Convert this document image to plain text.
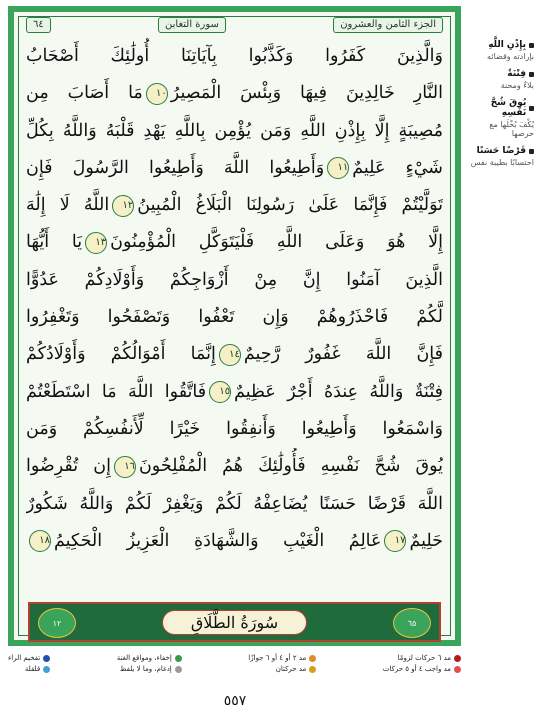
٦٤	سورة التغابن	الجزء الثامن والعشرون
وَالَّذِينَ كَفَرُوا وَكَذَّبُوا بِآيَاتِنَا أُولَٰئِكَ أَصْحَابُ
النَّارِ خَالِدِينَ فِيهَا وَبِئْسَ الْمَصِيرُ١٠مَا أَصَابَ مِن
مُصِيبَةٍ إِلَّا بِإِذْنِ اللَّهِ وَمَن يُؤْمِن بِاللَّهِ يَهْدِ قَلْبَهُ وَاللَّهُ بِكُلِّ
شَيْءٍ عَلِيمٌ١١وَأَطِيعُوا اللَّهَ وَأَطِيعُوا الرَّسُولَ فَإِن
تَوَلَّيْتُمْ فَإِنَّمَا عَلَىٰ رَسُولِنَا الْبَلَاغُ الْمُبِينُ١٢اللَّهُ لَا إِلَٰهَ
إِلَّا هُوَ وَعَلَى اللَّهِ فَلْيَتَوَكَّلِ الْمُؤْمِنُونَ١٣يَا أَيُّهَا
الَّذِينَ آمَنُوا إِنَّ مِنْ أَزْوَاجِكُمْ وَأَوْلَادِكُمْ عَدُوًّا
لَّكُمْ فَاحْذَرُوهُمْ وَإِن تَعْفُوا وَتَصْفَحُوا وَتَغْفِرُوا
فَإِنَّ اللَّهَ غَفُورٌ رَّحِيمٌ١٤إِنَّمَا أَمْوَالُكُمْ وَأَوْلَادُكُمْ
فِتْنَةٌ وَاللَّهُ عِندَهُ أَجْرٌ عَظِيمٌ١٥فَاتَّقُوا اللَّهَ مَا اسْتَطَعْتُمْ
وَاسْمَعُوا وَأَطِيعُوا وَأَنفِقُوا خَيْرًا لِّأَنفُسِكُمْ وَمَن
يُوقَ شُحَّ نَفْسِهِ فَأُولَٰئِكَ هُمُ الْمُفْلِحُونَ١٦إِن تُقْرِضُوا
اللَّهَ قَرْضًا حَسَنًا يُضَاعِفْهُ لَكُمْ وَيَغْفِرْ لَكُمْ وَاللَّهُ شَكُورٌ
حَلِيمٌ١٧عَالِمُ الْغَيْبِ وَالشَّهَادَةِ الْعَزِيزُ الْحَكِيمُ١٨
٦٥
سُورَةُ الطَّلَاقِ
١٢
بِإِذْنِ اللَّهِ
بإرادته وقضائه
فِتْنَةٌ
بلاءٌ ومحنة
يُوقَ شُحَّ نَفْسِهِ
يُكْفَ بُخْلَها مع حرصها
قَرْضًا حَسَنًا
احتسابًا بطيبة نفس
مد ٦ حركات لزومًا
مد واجب ٤ أو ٥ حركات
مد ٢ أو ٤ أو ٦ جوازًا
مد حركتان
إخفاء، ومواقع الغنة
إدغام، وما لا يلفظ
تفخيم الراء
قلقلة
٥٥٧
